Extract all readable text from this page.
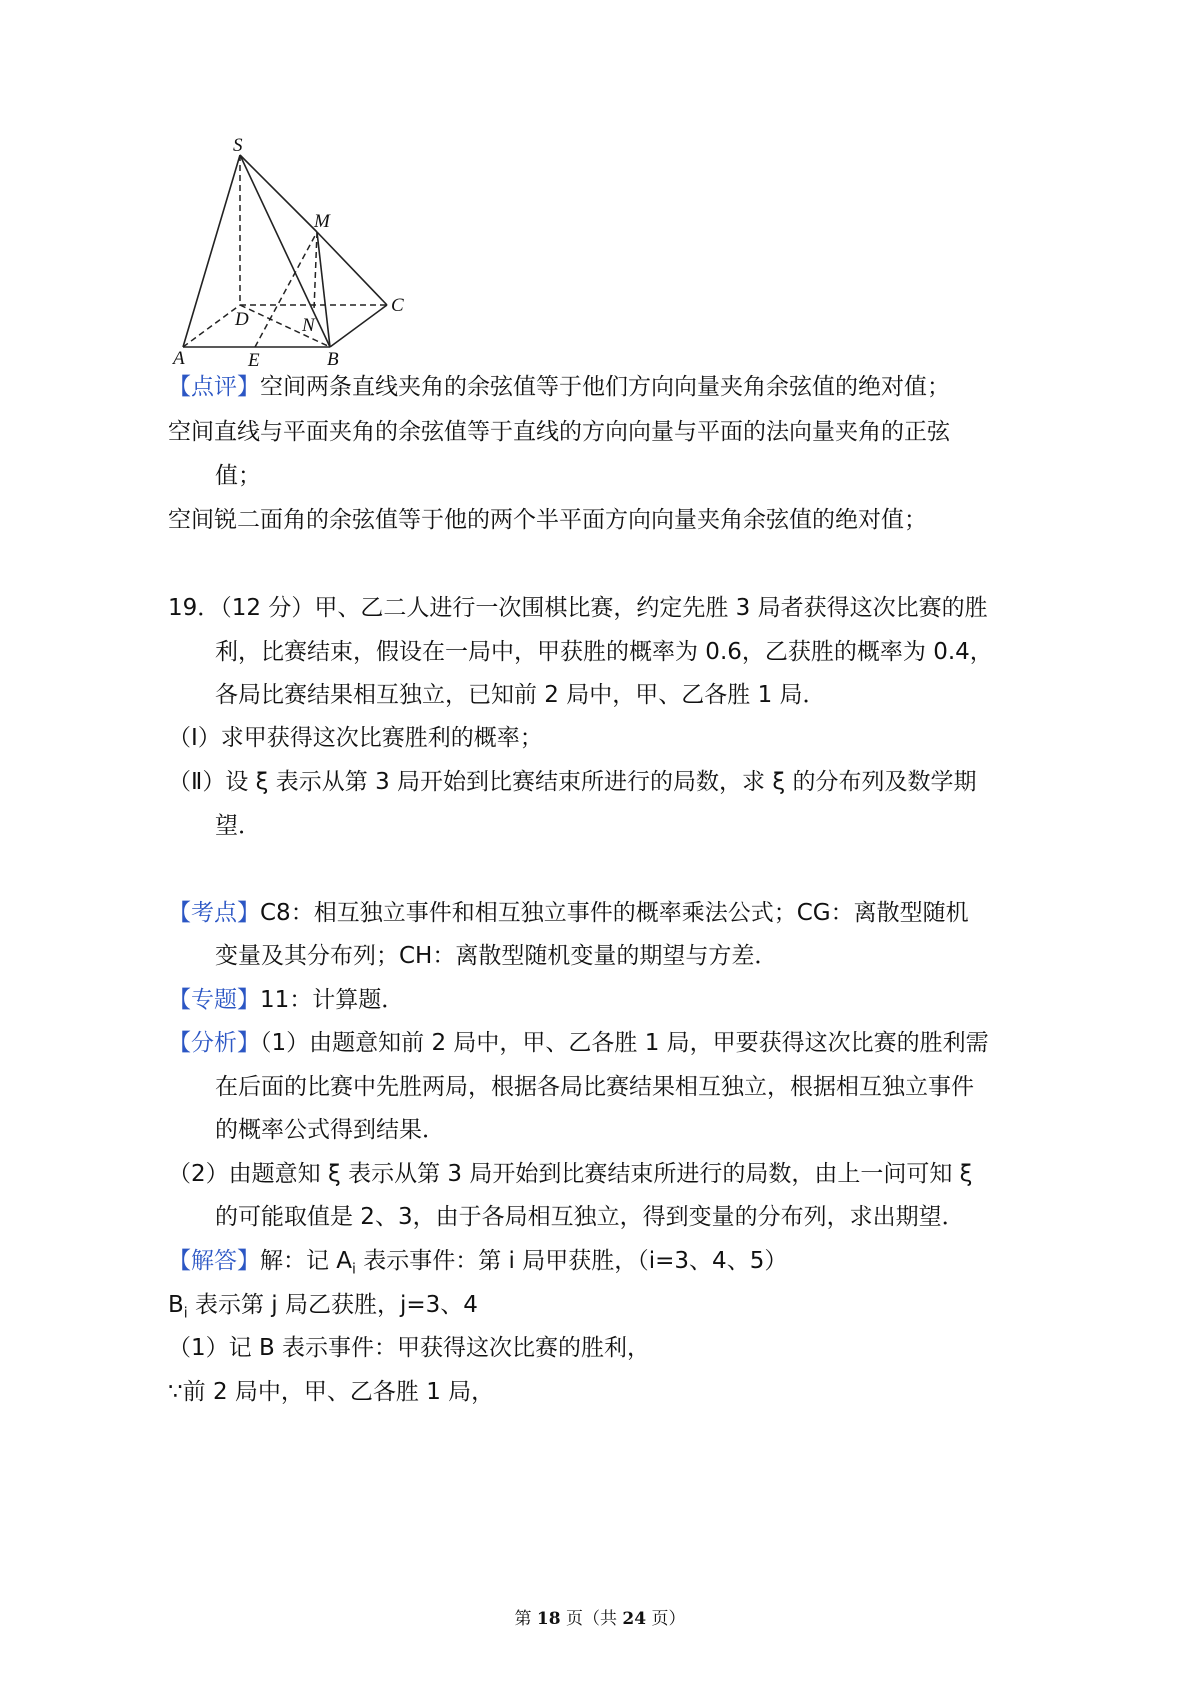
S
M
C
D	N
A	E	B
【点评】空间两条直线夹角的余弦值等于他们方向向量夹角余弦值的绝对值；
空间直线与平面夹角的余弦值等于直线的方向向量与平面的法向量夹角的正弦
值；
空间锐二面角的余弦值等于他的两个半平面方向向量夹角余弦值的绝对值；
19．（12 分）甲、乙二人进行一次围棋比赛，约定先胜 3 局者获得这次比赛的胜
利，比赛结束，假设在一局中，甲获胜的概率为 0.6，乙获胜的概率为 0.4，
各局比赛结果相互独立，已知前 2 局中，甲、乙各胜 1 局．
（Ⅰ）求甲获得这次比赛胜利的概率；
（Ⅱ）设 ξ 表示从第 3 局开始到比赛结束所进行的局数，求 ξ 的分布列及数学期
望．
【考点】C8：相互独立事件和相互独立事件的概率乘法公式；CG：离散型随机
变量及其分布列；CH：离散型随机变量的期望与方差．
【专题】11：计算题．
【分析】（1）由题意知前 2 局中，甲、乙各胜 1 局，甲要获得这次比赛的胜利需
在后面的比赛中先胜两局，根据各局比赛结果相互独立，根据相互独立事件
的概率公式得到结果．
（2）由题意知 ξ 表示从第 3 局开始到比赛结束所进行的局数，由上一问可知 ξ
的可能取值是 2、3，由于各局相互独立，得到变量的分布列，求出期望．
【解答】解：记 $A_i$ 表示事件：第 i 局甲获胜，（i=3、4、5）
$B_i$ 表示第 j 局乙获胜，j=3、4
（1）记 B 表示事件：甲获得这次比赛的胜利，
∵前 2 局中，甲、乙各胜 1 局，
第 18 页（共 24 页）
